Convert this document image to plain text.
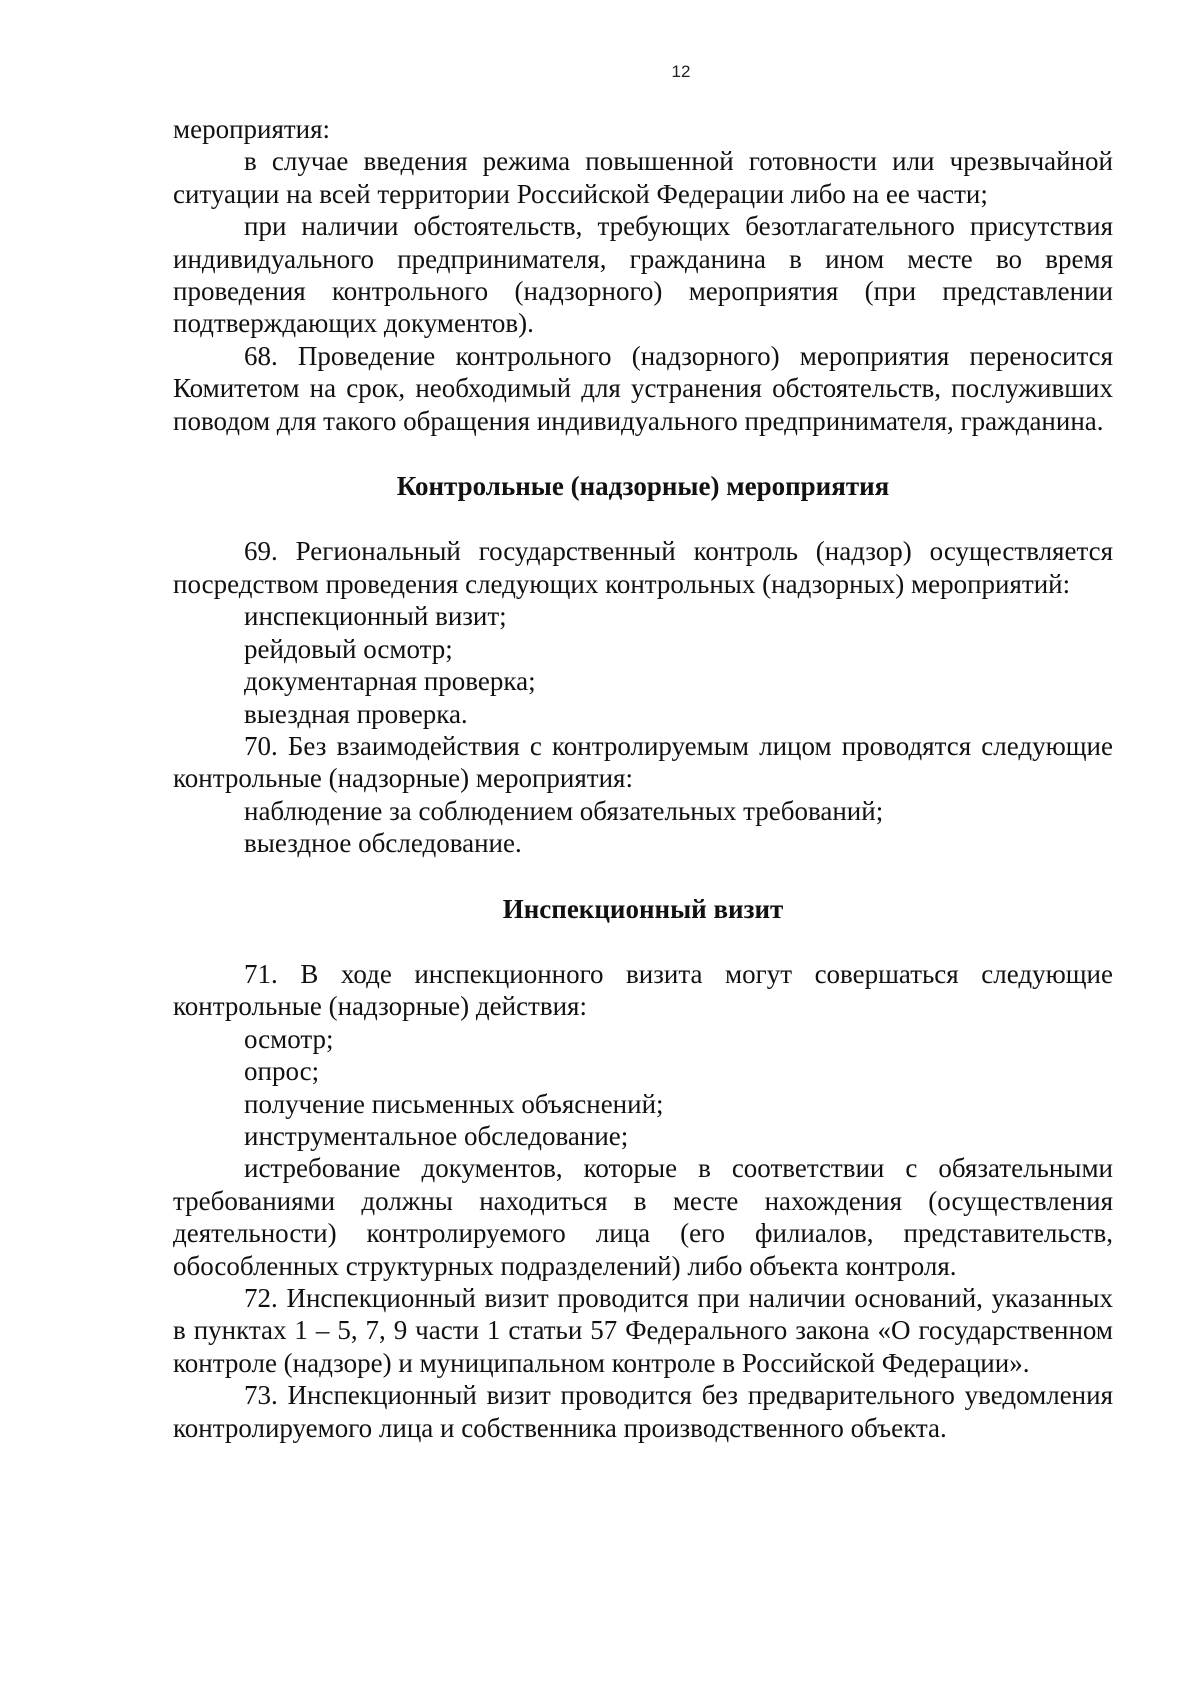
12

мероприятия:

в случае введения режима повышенной готовности или чрезвычайной ситуации на всей территории Российской Федерации либо на ее части;

при наличии обстоятельств, требующих безотлагательного присутствия индивидуального предпринимателя, гражданина в ином месте во время проведения контрольного (надзорного) мероприятия (при представлении подтверждающих документов).

68. Проведение контрольного (надзорного) мероприятия переносится Комитетом на срок, необходимый для устранения обстоятельств, послуживших поводом для такого обращения индивидуального предпринимателя, гражданина.

Контрольные (надзорные) мероприятия

69. Региональный государственный контроль (надзор) осуществляется посредством проведения следующих контрольных (надзорных) мероприятий:

инспекционный визит;

рейдовый осмотр;

документарная проверка;

выездная проверка.

70. Без взаимодействия с контролируемым лицом проводятся следующие контрольные (надзорные) мероприятия:

наблюдение за соблюдением обязательных требований;

выездное обследование.

Инспекционный визит

71. В ходе инспекционного визита могут совершаться следующие контрольные (надзорные) действия:

осмотр;

опрос;

получение письменных объяснений;

инструментальное обследование;

истребование документов, которые в соответствии с обязательными требованиями должны находиться в месте нахождения (осуществления деятельности) контролируемого лица (его филиалов, представительств, обособленных структурных подразделений) либо объекта контроля.

72. Инспекционный визит проводится при наличии оснований, указанных в пунктах 1 – 5, 7, 9 части 1 статьи 57 Федерального закона «О государственном контроле (надзоре) и муниципальном контроле в Российской Федерации».

73. Инспекционный визит проводится без предварительного уведомления контролируемого лица и собственника производственного объекта.
